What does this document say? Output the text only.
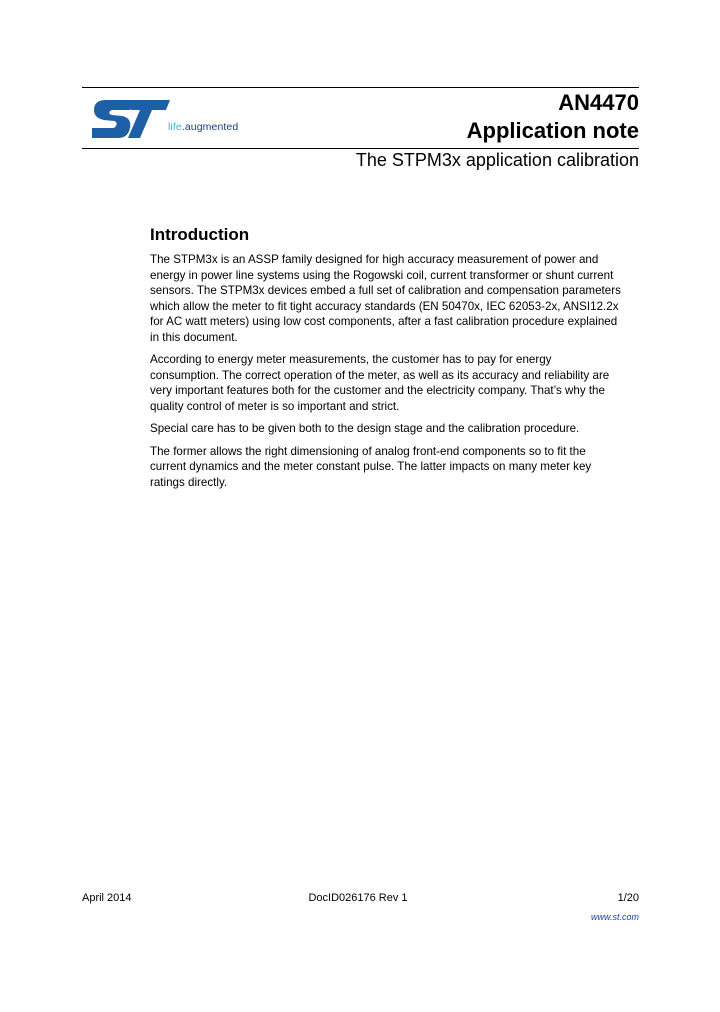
life.augmented
AN4470
Application note
The STPM3x application calibration
Introduction

The STPM3x is an ASSP family designed for high accuracy measurement of power and
energy in power line systems using the Rogowski coil, current transformer or shunt current
sensors. The STPM3x devices embed a full set of calibration and compensation parameters
which allow the meter to fit tight accuracy standards (EN 50470x, IEC 62053-2x, ANSI12.2x
for AC watt meters) using low cost components, after a fast calibration procedure explained
in this document.

According to energy meter measurements, the customer has to pay for energy
consumption. The correct operation of the meter, as well as its accuracy and reliability are
very important features both for the customer and the electricity company. That’s why the
quality control of meter is so important and strict.

Special care has to be given both to the design stage and the calibration procedure.

The former allows the right dimensioning of analog front-end components so to fit the
current dynamics and the meter constant pulse. The latter impacts on many meter key
ratings directly.

April 2014	DocID026176 Rev 1	1/20
www.st.com
